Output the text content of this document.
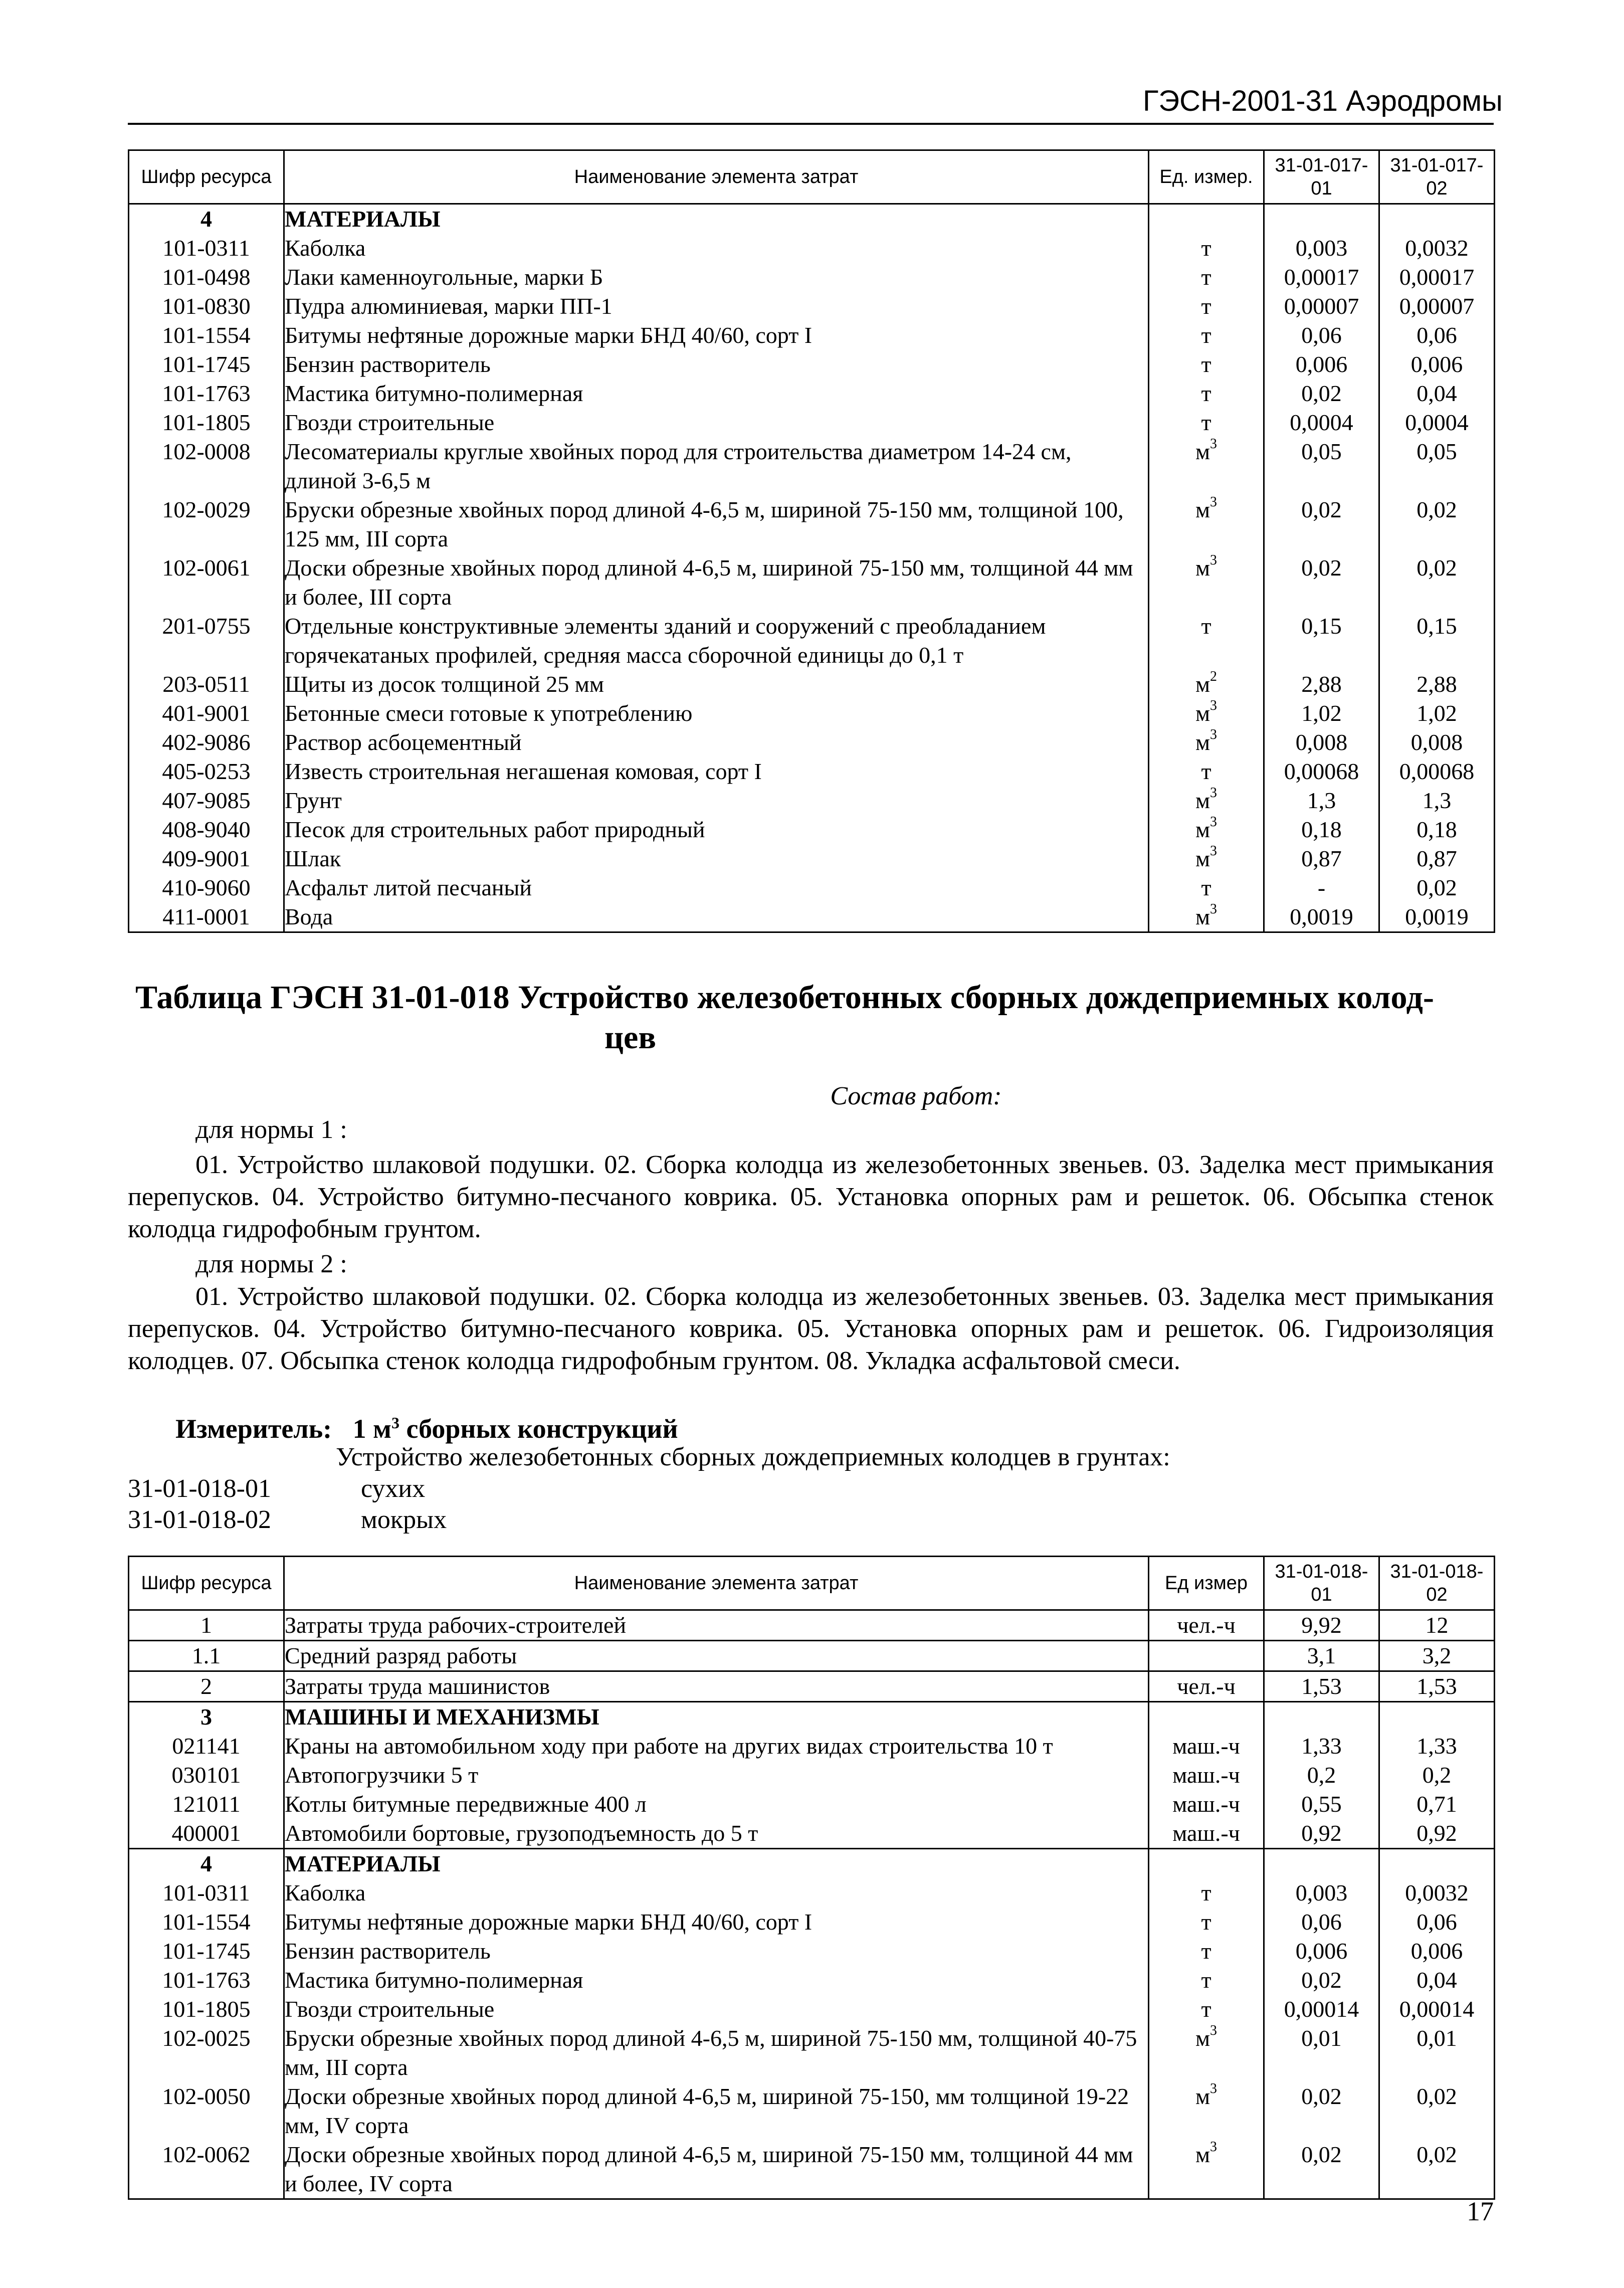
ГЭСН-2001-31 Аэродромы
Шифр ресурса	Наименование элемента затрат	Ед. измер.	31-01-017-01	31-01-017-02
4	МАТЕРИАЛЫ			
101-0311	Каболка	т	0,003	0,0032
101-0498	Лаки каменноугольные, марки Б	т	0,00017	0,00017
101-0830	Пудра алюминиевая, марки ПП-1	т	0,00007	0,00007
101-1554	Битумы нефтяные дорожные марки БНД 40/60, сорт I	т	0,06	0,06
101-1745	Бензин растворитель	т	0,006	0,006
101-1763	Мастика битумно-полимерная	т	0,02	0,04
101-1805	Гвозди строительные	т	0,0004	0,0004
102-0008	Лесоматериалы круглые хвойных пород для строительства диаметром 14-24 см, длиной 3-6,5 м	$м^3$	0,05	0,05
102-0029	Бруски обрезные хвойных пород длиной 4-6,5 м, шириной 75-150 мм, толщиной 100, 125 мм, III сорта	$м^3$	0,02	0,02
102-0061	Доски обрезные хвойных пород длиной 4-6,5 м, шириной 75-150 мм, толщиной 44 мм и более, III сорта	$м^3$	0,02	0,02
201-0755	Отдельные конструктивные элементы зданий и сооружений с преобладанием горячекатаных профилей, средняя масса сборочной единицы до 0,1 т	т	0,15	0,15
203-0511	Щиты из досок толщиной 25 мм	$м^2$	2,88	2,88
401-9001	Бетонные смеси готовые к употреблению	$м^3$	1,02	1,02
402-9086	Раствор асбоцементный	$м^3$	0,008	0,008
405-0253	Известь строительная негашеная комовая, сорт I	т	0,00068	0,00068
407-9085	Грунт	$м^3$	1,3	1,3
408-9040	Песок для строительных работ природный	$м^3$	0,18	0,18
409-9001	Шлак	$м^3$	0,87	0,87
410-9060	Асфальт литой песчаный	т	-	0,02
411-0001	Вода	$м^3$	0,0019	0,0019
Таблица ГЭСН 31-01-018 Устройство железобетонных сборных дождеприемных колод-
цев
Состав работ:
для нормы 1 :
01. Устройство шлаковой подушки. 02. Сборка колодца из железобетонных звеньев. 03. Заделка мест примыкания перепусков. 04. Устройство битумно-песчаного коврика. 05. Установка опорных рам и решеток. 06. Обсыпка стенок колодца гидрофобным грунтом.
для нормы 2 :
01. Устройство шлаковой подушки. 02. Сборка колодца из железобетонных звеньев. 03. Заделка мест примыкания перепусков. 04. Устройство битумно-песчаного коврика. 05. Установка опорных рам и решеток. 06. Гидроизоляция колодцев. 07. Обсыпка стенок колодца гидрофобным грунтом. 08. Укладка асфальтовой смеси.
Измеритель: 1 $м^3$ сборных конструкций
Устройство железобетонных сборных дождеприемных колодцев в грунтах:
31-01-018-01	сухих
31-01-018-02	мокрых
Шифр ресурса	Наименование элемента затрат	Ед измер	31-01-018-01	31-01-018-02
1	Затраты труда рабочих-строителей	чел.-ч	9,92	12
1.1	Средний разряд работы		3,1	3,2
2	Затраты труда машинистов	чел.-ч	1,53	1,53
3	МАШИНЫ И МЕХАНИЗМЫ			
021141	Краны на автомобильном ходу при работе на других видах строительства 10 т	маш.-ч	1,33	1,33
030101	Автопогрузчики 5 т	маш.-ч	0,2	0,2
121011	Котлы битумные передвижные 400 л	маш.-ч	0,55	0,71
400001	Автомобили бортовые, грузоподъемность до 5 т	маш.-ч	0,92	0,92
4	МАТЕРИАЛЫ			
101-0311	Каболка	т	0,003	0,0032
101-1554	Битумы нефтяные дорожные марки БНД 40/60, сорт I	т	0,06	0,06
101-1745	Бензин растворитель	т	0,006	0,006
101-1763	Мастика битумно-полимерная	т	0,02	0,04
101-1805	Гвозди строительные	т	0,00014	0,00014
102-0025	Бруски обрезные хвойных пород длиной 4-6,5 м, шириной 75-150 мм, толщиной 40-75 мм, III сорта	$м^3$	0,01	0,01
102-0050	Доски обрезные хвойных пород длиной 4-6,5 м, шириной 75-150, мм толщиной 19-22 мм, IV сорта	$м^3$	0,02	0,02
102-0062	Доски обрезные хвойных пород длиной 4-6,5 м, шириной 75-150 мм, толщиной 44 мм и более, IV сорта	$м^3$	0,02	0,02
17
